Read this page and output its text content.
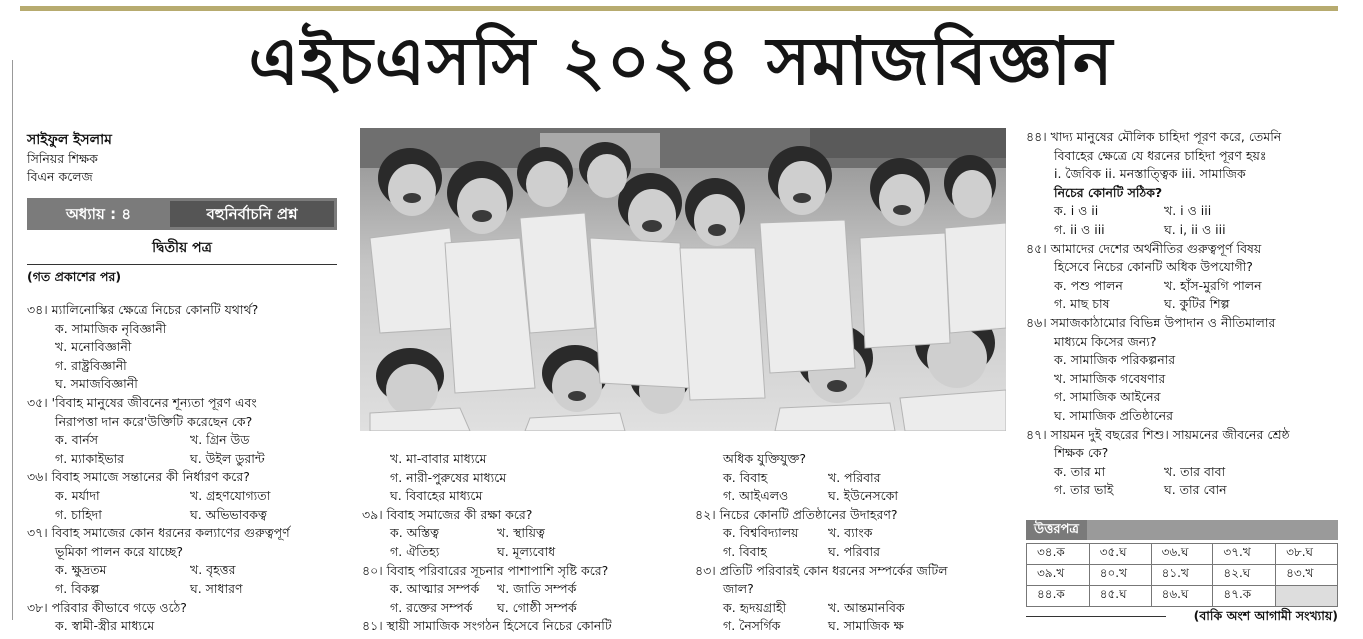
এইচএসসি ২০২৪ সমাজবিজ্ঞান
সাইফুল ইসলাম
সিনিয়র শিক্ষক
বিএন কলেজ
অধ্যায় : ৪	বহুনির্বাচনি প্রশ্ন
দ্বিতীয় পত্র
(গত প্রকাশের পর)
৩৪। ম্যালিনোস্কির ক্ষেত্রে নিচের কোনটি যথার্থ?
ক. সামাজিক নৃবিজ্ঞানী
খ. মনোবিজ্ঞানী
গ. রাষ্ট্রবিজ্ঞানী
ঘ. সমাজবিজ্ঞানী
৩৫। 'বিবাহ মানুষের জীবনের শূন্যতা পূরণ এবং
নিরাপত্তা দান করে'উক্তিটি করেছেন কে?
ক. বার্নস	খ. গ্রিন উড
গ. ম্যাকাইভার	ঘ. উইল ডুরান্ট
৩৬। বিবাহ সমাজে সন্তানের কী নির্ধারণ করে?
ক. মর্যাদা	খ. গ্রহণযোগ্যতা
গ. চাহিদা	ঘ. অভিভাবকত্ব
৩৭। বিবাহ সমাজের কোন ধরনের কল্যাণের গুরুত্বপূর্ণ
ভূমিকা পালন করে যাচ্ছে?
ক. ক্ষুদ্রতম	খ. বৃহত্তর
গ. বিকল্প	ঘ. সাধারণ
৩৮। পরিবার কীভাবে গড়ে ওঠে?
ক. স্বামী-স্ত্রীর মাধ্যমে
খ. মা-বাবার মাধ্যমে
গ. নারী-পুরুষের মাধ্যমে
ঘ. বিবাহের মাধ্যমে
৩৯। বিবাহ সমাজের কী রক্ষা করে?
ক. অস্তিত্ব	খ. স্থায়িত্ব
গ. ঐতিহ্য	ঘ. মূল্যবোধ
৪০। বিবাহ পরিবারের সূচনার পাশাপাশি সৃষ্টি করে?
ক. আত্মার সম্পর্ক	খ. জাতি সম্পর্ক
গ. রক্তের সম্পর্ক	ঘ. গোষ্ঠী সম্পর্ক
৪১। স্থায়ী সামাজিক সংগঠন হিসেবে নিচের কোনটি
অধিক যুক্তিযুক্ত?
ক. বিবাহ	খ. পরিবার
গ. আইএলও	ঘ. ইউনেসকো
৪২। নিচের কোনটি প্রতিষ্ঠানের উদাহরণ?
ক. বিশ্ববিদ্যালয়	খ. ব্যাংক
গ. বিবাহ	ঘ. পরিবার
৪৩। প্রতিটি পরিবারই কোন ধরনের সম্পর্কের জটিল
জাল?
ক. হৃদয়গ্রাহী	খ. আন্তমানবিক
গ. নৈসর্গিক	ঘ. সামাজিক ক্ষ
৪৪। খাদ্য মানুষের মৌলিক চাহিদা পূরণ করে, তেমনি
বিবাহের ক্ষেত্রে যে ধরনের চাহিদা পূরণ হয়ঃ
i. জৈবিক ii. মনস্তাত্ত্বিক iii. সামাজিক
নিচের কোনটি সঠিক?
ক. i ও ii	খ. i ও iii
গ. ii ও iii	ঘ. i, ii ও iii
৪৫। আমাদের দেশের অর্থনীতির গুরুত্বপূর্ণ বিষয়
হিসেবে নিচের কোনটি অধিক উপযোগী?
ক. পশু পালন	খ. হাঁস-মুরগি পালন
গ. মাছ চাষ	ঘ. কুটির শিল্প
৪৬। সমাজকাঠামোর বিভিন্ন উপাদান ও নীতিমালার
মাধ্যমে কিসের জন্য?
ক. সামাজিক পরিকল্পনার
খ. সামাজিক গবেষণার
গ. সামাজিক আইনের
ঘ. সামাজিক প্রতিষ্ঠানের
৪৭। সায়মন দুই বছরের শিশু। সায়মনের জীবনের শ্রেষ্ঠ
শিক্ষক কে?
ক. তার মা	খ. তার বাবা
গ. তার ভাই	ঘ. তার বোন
উত্তরপত্র
৩৪.ক	৩৫.ঘ	৩৬.ঘ	৩৭.খ	৩৮.ঘ
৩৯.খ	৪০.খ	৪১.খ	৪২.ঘ	৪৩.খ
৪৪.ক	৪৫.ঘ	৪৬.ঘ	৪৭.ক	
(বাকি অংশ আগামী সংখ্যায়)
